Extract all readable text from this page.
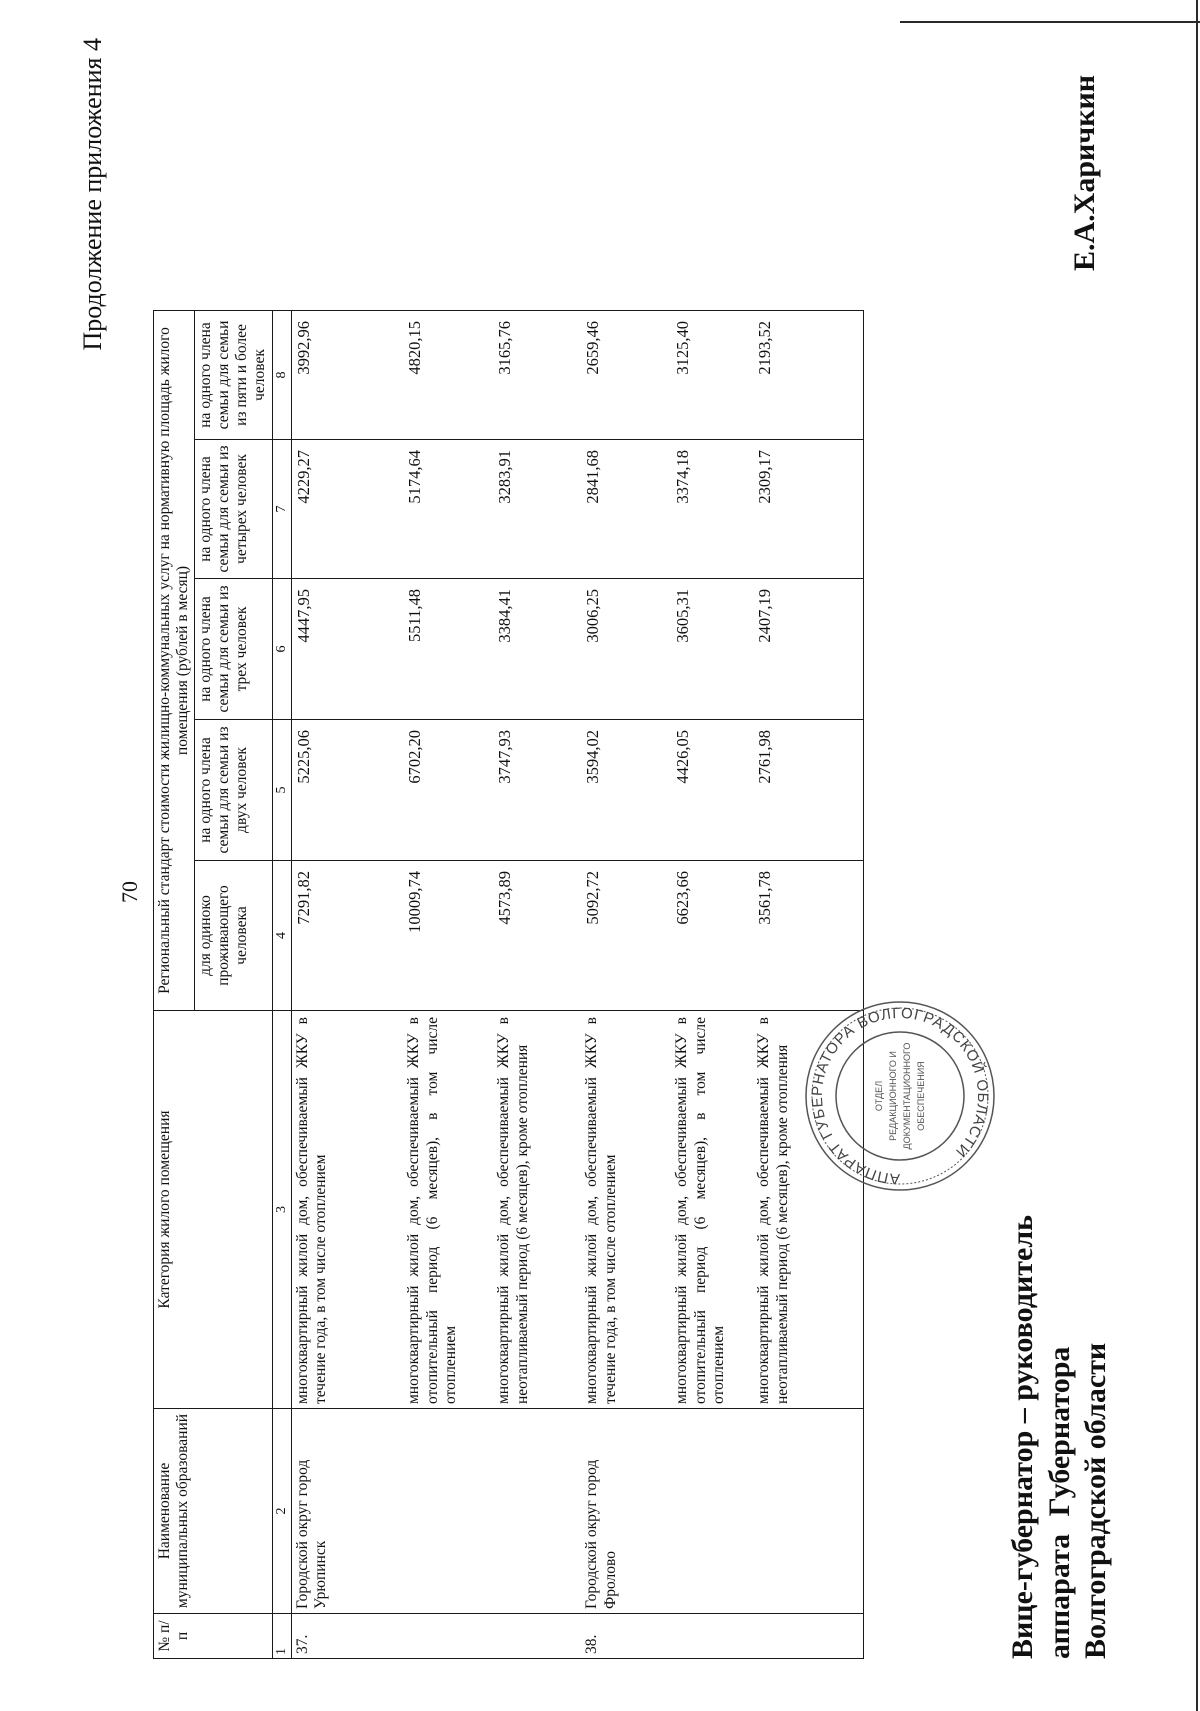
70
Продолжение приложения 4
№ п/п	Наименование муниципальных образований	Категория жилого помещения	Региональный стандарт стоимости жилищно-коммунальных услуг на нормативную площадь жилого помещения (рублей в месяц)				
			для одиноко проживающего человека	на одного члена семьи для семьи из двух человек	на одного члена семьи для семьи из трех человек	на одного члена семьи для семьи из четырех человек	на одного члена семьи для семьи из пяти и более человек
1	2	3	4	5	6	7	8
37.	Городской округ город Урюпинск	многоквартирный жилой дом, обеспечиваемый ЖКУ в течение года, в том числе отоплением	7291,82	5225,06	4447,95	4229,27	3992,96
		многоквартирный жилой дом, обеспечиваемый ЖКУ в отопительный период (6 месяцев), в том числе отоплением	10009,74	6702,20	5511,48	5174,64	4820,15
		многоквартирный жилой дом, обеспечиваемый ЖКУ в неотапливаемый период (6 месяцев), кроме отопления	4573,89	3747,93	3384,41	3283,91	3165,76
38.	Городской округ город Фролово	многоквартирный жилой дом, обеспечиваемый ЖКУ в течение года, в том числе отоплением	5092,72	3594,02	3006,25	2841,68	2659,46
		многоквартирный жилой дом, обеспечиваемый ЖКУ в отопительный период (6 месяцев), в том числе отоплением	6623,66	4426,05	3605,31	3374,18	3125,40
		многоквартирный жилой дом, обеспечиваемый ЖКУ в неотапливаемый период (6 месяцев), кроме отопления	3561,78	2761,98	2407,19	2309,17	2193,52
АППАРАТ ГУБЕРНАТОРА ВОЛГОГРАДСКОЙ ОБЛАСТИ
ОТДЕЛ РЕДАКЦИОННОГО И ДОКУМЕНТАЦИОННОГО ОБЕСПЕЧЕНИЯ
Вице-губернатор – руководитель аппарата Губернатора Волгоградской области
Е.А.Харичкин
